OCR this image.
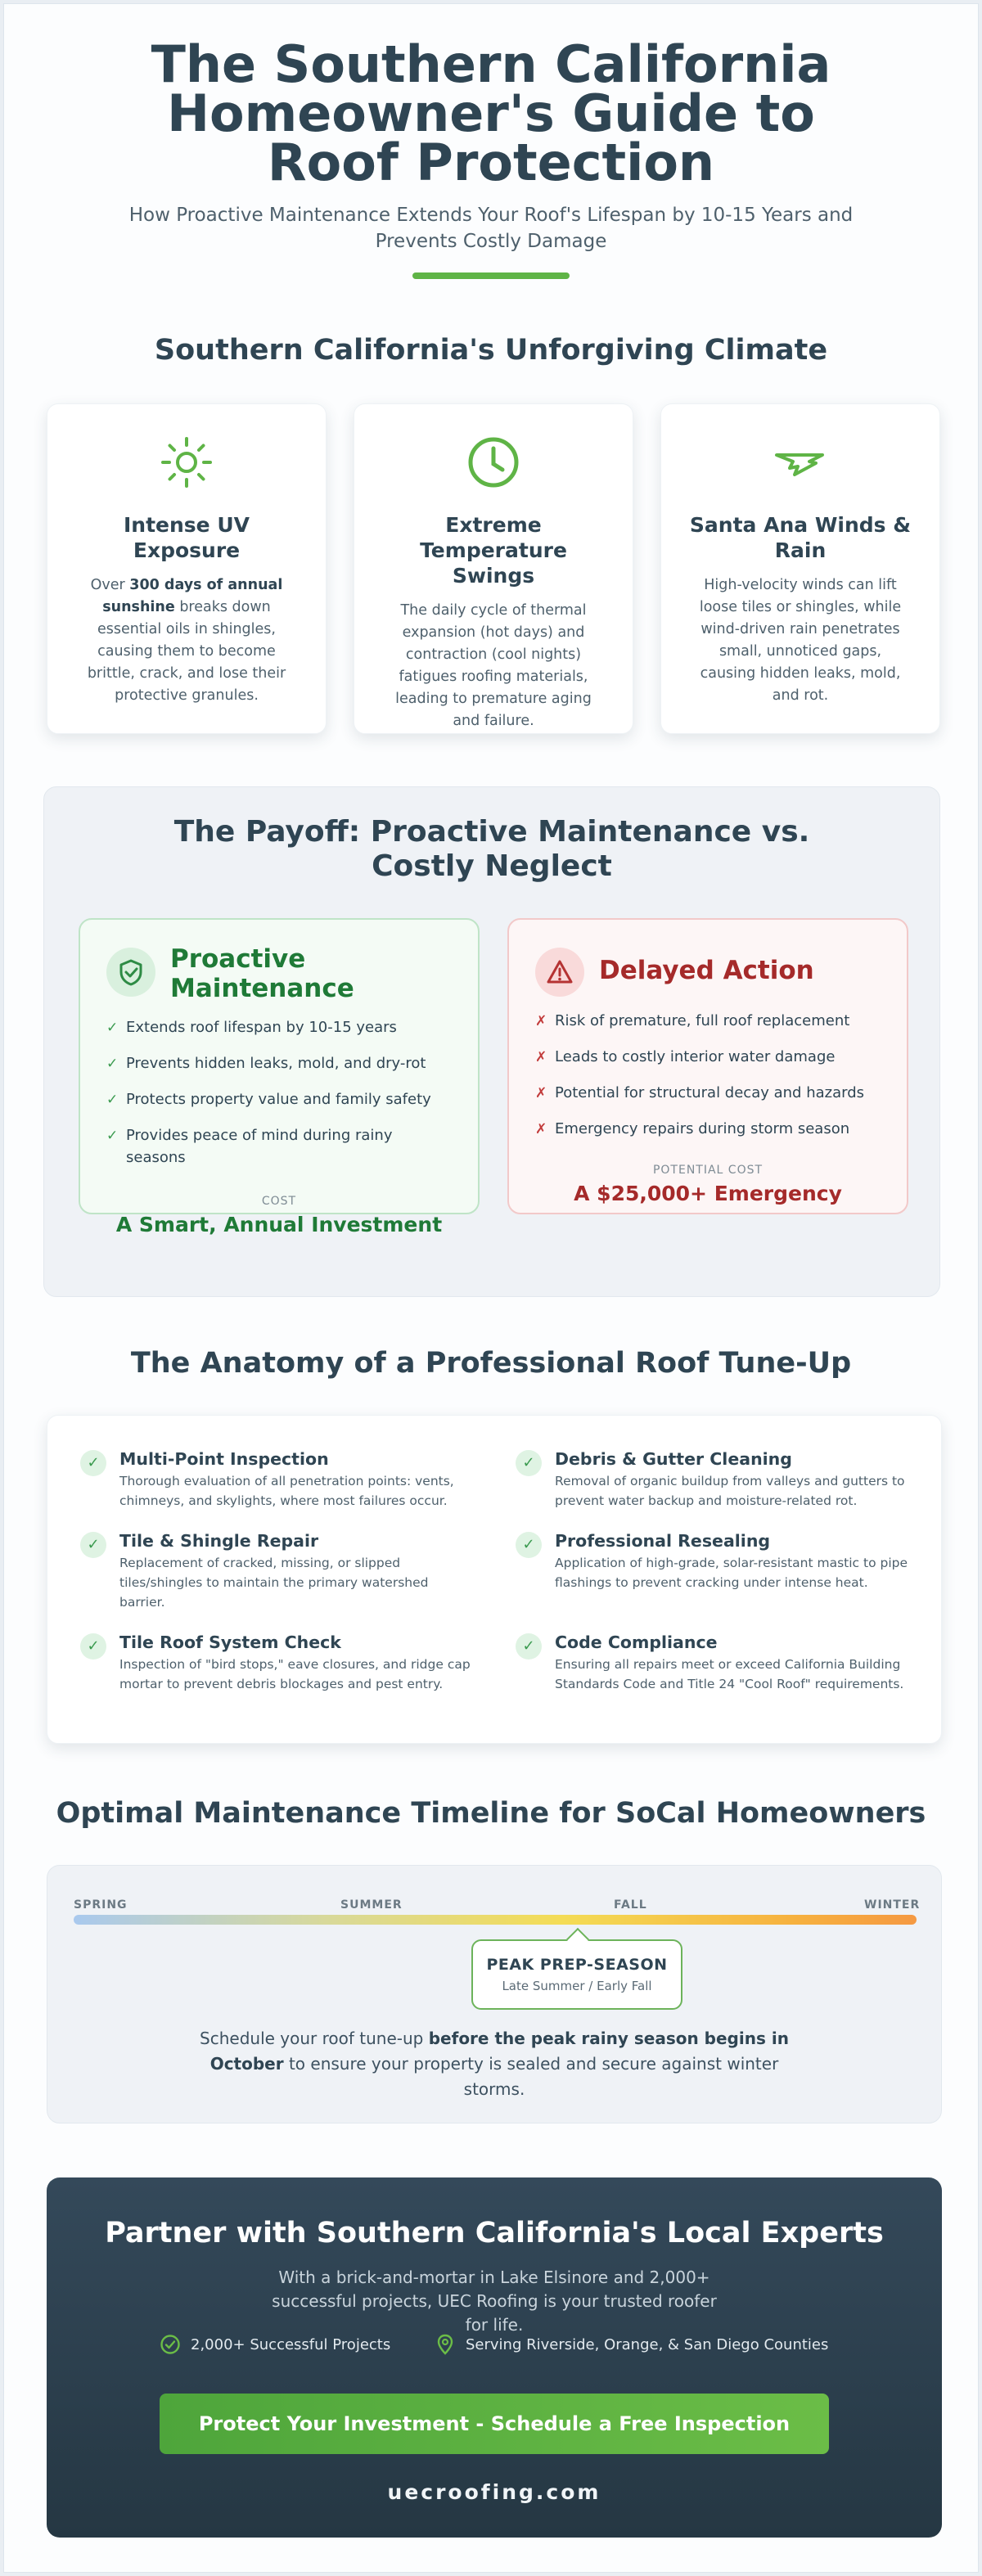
The Southern California Homeowner's Guide to Roof Protection
How Proactive Maintenance Extends Your Roof's Lifespan by 10-15 Years and Prevents Costly Damage
Southern California's Unforgiving Climate
Intense UV Exposure

Over 300 days of annual sunshine breaks down essential oils in shingles, causing them to become brittle, crack, and lose their protective granules.

Extreme Temperature Swings

The daily cycle of thermal expansion (hot days) and contraction (cool nights) fatigues roofing materials, leading to premature aging and failure.

Santa Ana Winds & Rain

High-velocity winds can lift loose tiles or shingles, while wind-driven rain penetrates small, unnoticed gaps, causing hidden leaks, mold, and rot.

The Payoff: Proactive Maintenance vs. Costly Neglect
Proactive Maintenance
✓ Extends roof lifespan by 10-15 years
✓ Prevents hidden leaks, mold, and dry-rot
✓ Protects property value and family safety
✓ Provides peace of mind during rainy seasons
COST
A Smart, Annual Investment
Delayed Action
✗ Risk of premature, full roof replacement
✗ Leads to costly interior water damage
✗ Potential for structural decay and hazards
✗ Emergency repairs during storm season
POTENTIAL COST
A $25,000+ Emergency
The Anatomy of a Professional Roof Tune-Up
✓	Multi-Point Inspection

Thorough evaluation of all penetration points: vents, chimneys, and skylights, where most failures occur.

✓	Debris & Gutter Cleaning

Removal of organic buildup from valleys and gutters to prevent water backup and moisture-related rot.

✓	Tile & Shingle Repair

Replacement of cracked, missing, or slipped tiles/shingles to maintain the primary watershed barrier.

✓	Professional Resealing

Application of high-grade, solar-resistant mastic to pipe flashings to prevent cracking under intense heat.

✓	Tile Roof System Check

Inspection of "bird stops," eave closures, and ridge cap mortar to prevent debris blockages and pest entry.

✓	Code Compliance

Ensuring all repairs meet or exceed California Building Standards Code and Title 24 "Cool Roof" requirements.

Optimal Maintenance Timeline for SoCal Homeowners
SPRING	SUMMER	FALL	WINTER
PEAK PREP-SEASON
Late Summer / Early Fall
Schedule your roof tune-up before the peak rainy season begins in October to ensure your property is sealed and secure against winter storms.
Partner with Southern California's Local Experts
With a brick-and-mortar in Lake Elsinore and 2,000+ successful projects, UEC Roofing is your trusted roofer for life.
2,000+ Successful Projects	Serving Riverside, Orange, & San Diego Counties
Protect Your Investment - Schedule a Free Inspection
uecroofing.com
